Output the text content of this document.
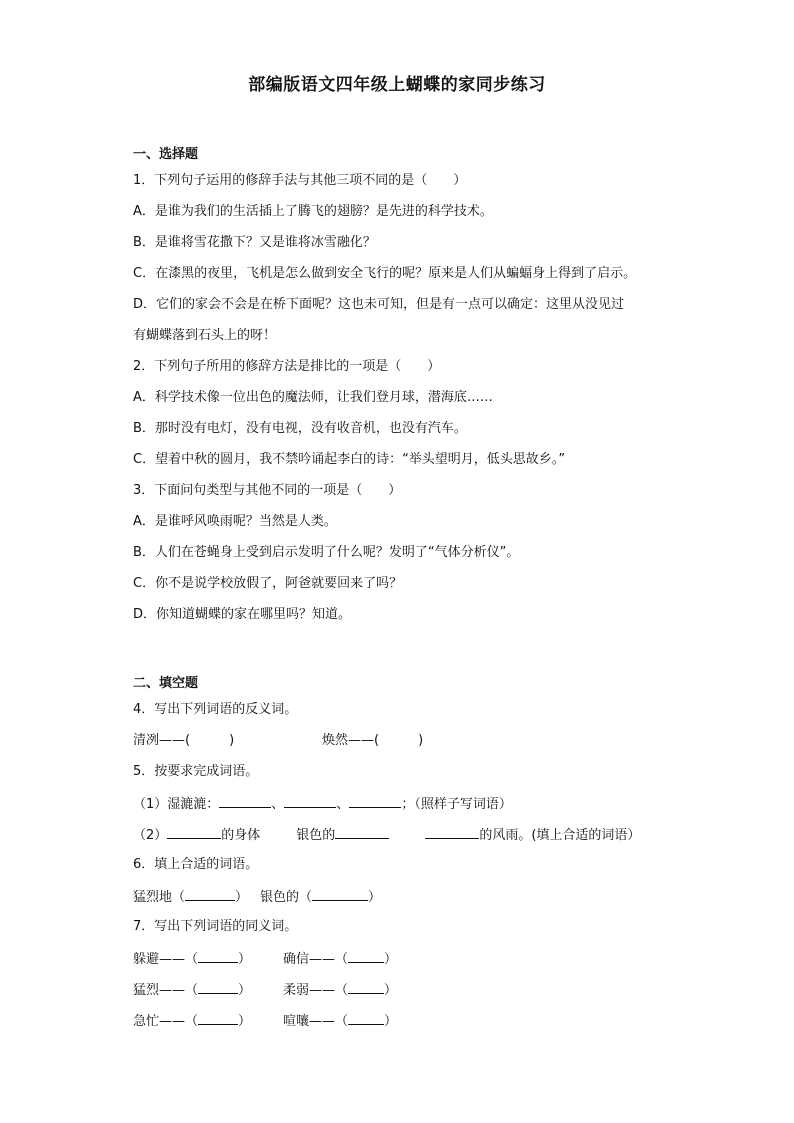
部编版语文四年级上蝴蝶的家同步练习
一、选择题
1．下列句子运用的修辞手法与其他三项不同的是（　　）
A．是谁为我们的生活插上了腾飞的翅膀？是先进的科学技术。
B．是谁将雪花撒下？又是谁将冰雪融化？
C．在漆黑的夜里，飞机是怎么做到安全飞行的呢？原来是人们从蝙蝠身上得到了启示。
D．它们的家会不会是在桥下面呢？这也未可知，但是有一点可以确定：这里从没见过
有蝴蝶落到石头上的呀！
2．下列句子所用的修辞方法是排比的一项是（　　）
A．科学技术像一位出色的魔法师，让我们登月球，潜海底……
B．那时没有电灯，没有电视，没有收音机，也没有汽车。
C．望着中秋的圆月，我不禁吟诵起李白的诗：“举头望明月，低头思故乡。”
3．下面问句类型与其他不同的一项是（　　）
A．是谁呼风唤雨呢？当然是人类。
B．人们在苍蝇身上受到启示发明了什么呢？发明了“气体分析仪”。
C．你不是说学校放假了，阿爸就要回来了吗？
D．你知道蝴蝶的家在哪里吗？知道。
二、填空题
4．写出下列词语的反义词。
清冽——(　　　)	焕然——(　　　)
5．按要求完成词语。
（1）湿漉漉：	、	、	；（照样子写词语）
（2）	的身体	银色的	的风雨。(填上合适的词语）
6．填上合适的词语。
猛烈地（	） 银色的（	）
7．写出下列词语的同义词。
躲避——（	） 确信——（	）
猛烈——（	） 柔弱——（	）
急忙——（	） 喧嚷——（	）
